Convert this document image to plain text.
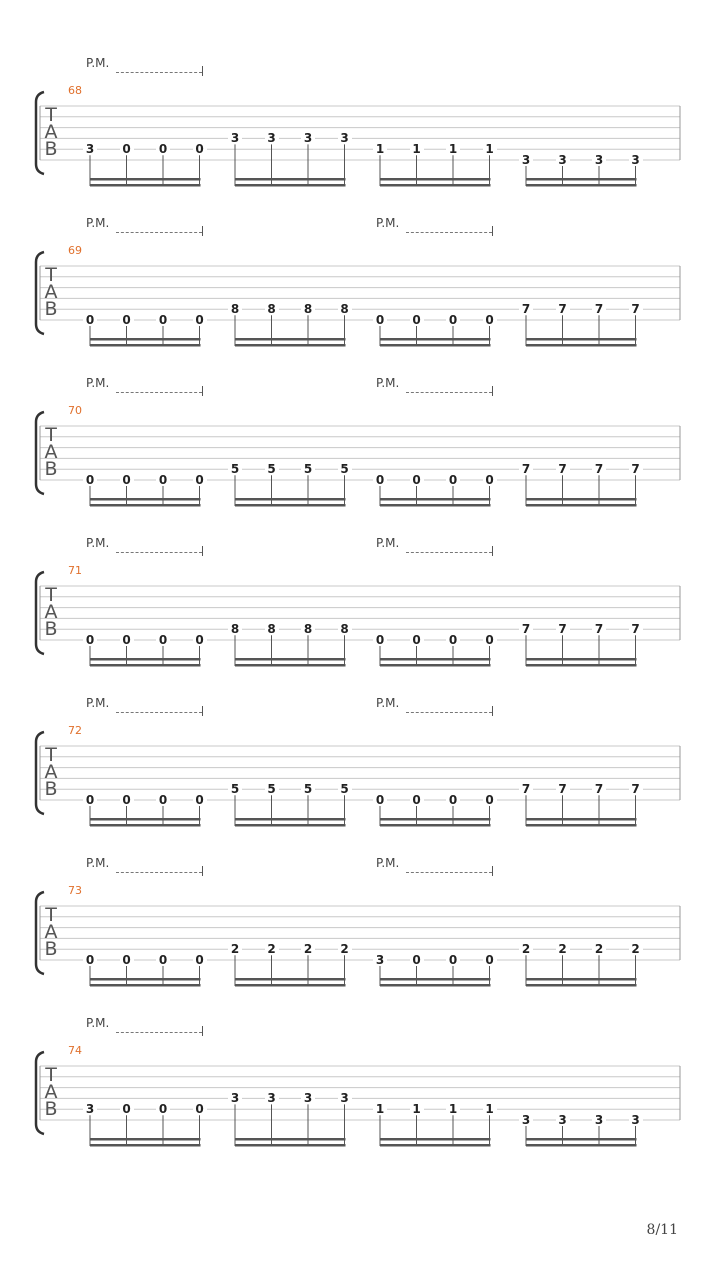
68
T
A
B
P.M.
3 0 0 0
3 3 3 3
1 1 1 1
3 3 3 3
69
T
A
B
P.M.	P.M.
0 0 0 0
8 8 8 8
0 0 0 0
7 7 7 7
70
T
A
B
P.M.	P.M.
0 0 0 0
5 5 5 5
0 0 0 0
7 7 7 7
71
T
A
B
P.M.	P.M.
0 0 0 0
8 8 8 8
0 0 0 0
7 7 7 7
72
T
A
B
P.M.	P.M.
0 0 0 0
5 5 5 5
0 0 0 0
7 7 7 7
73
T
A
B
P.M.	P.M.
0 0 0 0
2 2 2 2
3 0 0 0
2 2 2 2
74
T
A
B
P.M.
3 0 0 0
3 3 3 3
1 1 1 1
3 3 3 3
8/11
